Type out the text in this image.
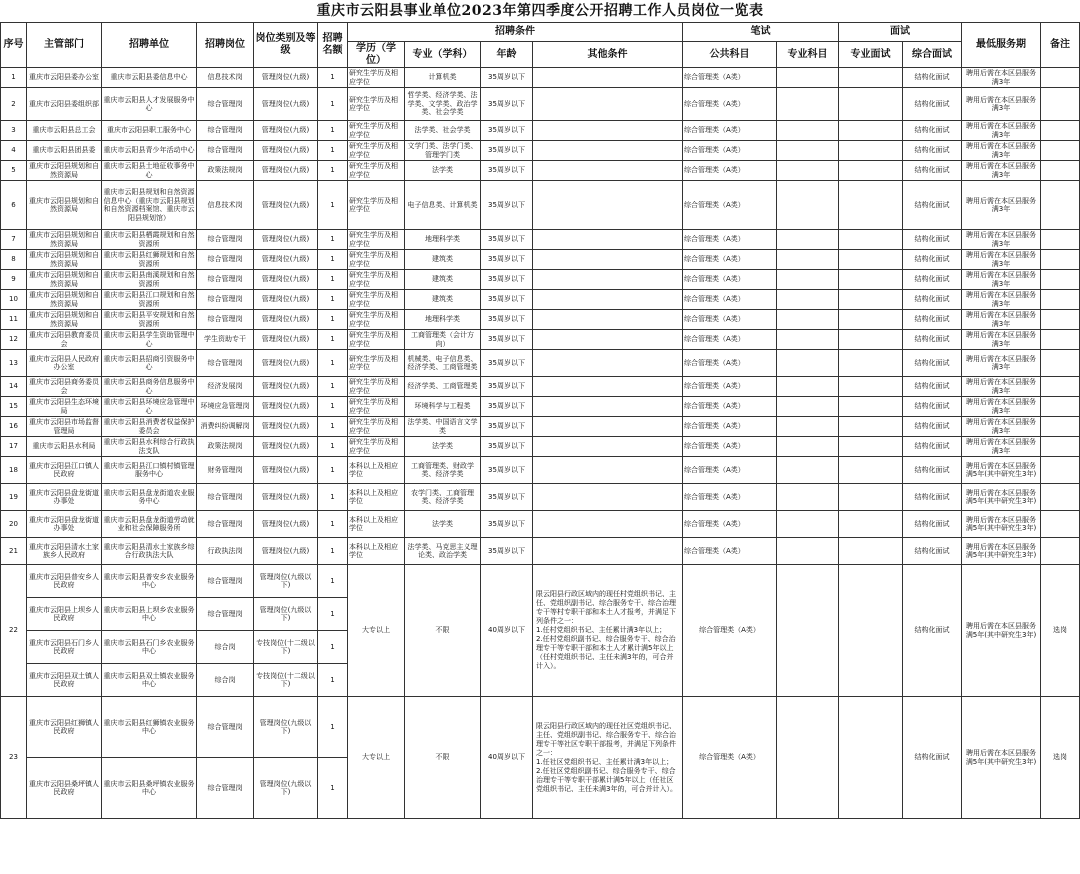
重庆市云阳县事业单位2023年第四季度公开招聘工作人员岗位一览表
序号	主管部门	招聘单位	招聘岗位	岗位类别及等级	招聘名额	招聘条件				笔试		面试		最低服务期	备注
						学历（学位）	专业（学科）	年龄	其他条件	公共科目	专业科目	专业面试	综合面试		
1	重庆市云阳县委办公室	重庆市云阳县委信息中心	信息技术岗	管理岗位(九级)	1	研究生学历及相应学位	计算机类	35周岁以下		综合管理类（A类）			结构化面试	聘用后需在本区县服务满3年	
2	重庆市云阳县委组织部	重庆市云阳县人才发展服务中心	综合管理岗	管理岗位(九级)	1	研究生学历及相应学位	哲学类、经济学类、法学类、文学类、政治学类、社会学类	35周岁以下		综合管理类（A类）			结构化面试	聘用后需在本区县服务满3年	
3	重庆市云阳县总工会	重庆市云阳县职工服务中心	综合管理岗	管理岗位(九级)	1	研究生学历及相应学位	法学类、社会学类	35周岁以下		综合管理类（A类）			结构化面试	聘用后需在本区县服务满3年	
4	重庆市云阳县团县委	重庆市云阳县青少年活动中心	综合管理岗	管理岗位(九级)	1	研究生学历及相应学位	文学门类、法学门类、管理学门类	35周岁以下		综合管理类（A类）			结构化面试	聘用后需在本区县服务满3年	
5	重庆市云阳县规划和自然资源局	重庆市云阳县土地征收事务中心	政策法规岗	管理岗位(九级)	1	研究生学历及相应学位	法学类	35周岁以下		综合管理类（A类）			结构化面试	聘用后需在本区县服务满3年	
6	重庆市云阳县规划和自然资源局	重庆市云阳县规划和自然资源信息中心（重庆市云阳县规划和自然资源档案馆、重庆市云阳县规划馆）	信息技术岗	管理岗位(九级)	1	研究生学历及相应学位	电子信息类、计算机类	35周岁以下		综合管理类（A类）			结构化面试	聘用后需在本区县服务满3年	
7	重庆市云阳县规划和自然资源局	重庆市云阳县栖霞规划和自然资源所	综合管理岗	管理岗位(九级)	1	研究生学历及相应学位	地理科学类	35周岁以下		综合管理类（A类）			结构化面试	聘用后需在本区县服务满3年	
8	重庆市云阳县规划和自然资源局	重庆市云阳县红狮规划和自然资源所	综合管理岗	管理岗位(九级)	1	研究生学历及相应学位	建筑类	35周岁以下		综合管理类（A类）			结构化面试	聘用后需在本区县服务满3年	
9	重庆市云阳县规划和自然资源局	重庆市云阳县南溪规划和自然资源所	综合管理岗	管理岗位(九级)	1	研究生学历及相应学位	建筑类	35周岁以下		综合管理类（A类）			结构化面试	聘用后需在本区县服务满3年	
10	重庆市云阳县规划和自然资源局	重庆市云阳县江口规划和自然资源所	综合管理岗	管理岗位(九级)	1	研究生学历及相应学位	建筑类	35周岁以下		综合管理类（A类）			结构化面试	聘用后需在本区县服务满3年	
11	重庆市云阳县规划和自然资源局	重庆市云阳县平安规划和自然资源所	综合管理岗	管理岗位(九级)	1	研究生学历及相应学位	地理科学类	35周岁以下		综合管理类（A类）			结构化面试	聘用后需在本区县服务满3年	
12	重庆市云阳县教育委员会	重庆市云阳县学生资助管理中心	学生资助专干	管理岗位(九级)	1	研究生学历及相应学位	工商管理类（会计方向）	35周岁以下		综合管理类（A类）			结构化面试	聘用后需在本区县服务满3年	
13	重庆市云阳县人民政府办公室	重庆市云阳县招商引资服务中心	综合管理岗	管理岗位(九级)	1	研究生学历及相应学位	机械类、电子信息类、经济学类、工商管理类	35周岁以下		综合管理类（A类）			结构化面试	聘用后需在本区县服务满3年	
14	重庆市云阳县商务委员会	重庆市云阳县商务信息服务中心	经济发展岗	管理岗位(九级)	1	研究生学历及相应学位	经济学类、工商管理类	35周岁以下		综合管理类（A类）			结构化面试	聘用后需在本区县服务满3年	
15	重庆市云阳县生态环境局	重庆市云阳县环境应急管理中心	环境应急管理岗	管理岗位(九级)	1	研究生学历及相应学位	环境科学与工程类	35周岁以下		综合管理类（A类）			结构化面试	聘用后需在本区县服务满3年	
16	重庆市云阳县市场监督管理局	重庆市云阳县消费者权益保护委员会	消费纠纷调解岗	管理岗位(九级)	1	研究生学历及相应学位	法学类、中国语言文学类	35周岁以下		综合管理类（A类）			结构化面试	聘用后需在本区县服务满3年	
17	重庆市云阳县水利局	重庆市云阳县水利综合行政执法支队	政策法规岗	管理岗位(九级)	1	研究生学历及相应学位	法学类	35周岁以下		综合管理类（A类）			结构化面试	聘用后需在本区县服务满3年	
18	重庆市云阳县江口镇人民政府	重庆市云阳县江口镇村镇管理服务中心	财务管理岗	管理岗位(九级)	1	本科以上及相应学位	工商管理类、财政学类、经济学类	35周岁以下		综合管理类（A类）			结构化面试	聘用后需在本区县服务满5年(其中研究生3年)	
19	重庆市云阳县盘龙街道办事处	重庆市云阳县盘龙街道农业服务中心	综合管理岗	管理岗位(九级)	1	本科以上及相应学位	农学门类、工商管理类、经济学类	35周岁以下		综合管理类（A类）			结构化面试	聘用后需在本区县服务满5年(其中研究生3年)	
20	重庆市云阳县盘龙街道办事处	重庆市云阳县盘龙街道劳动就业和社会保障服务所	综合管理岗	管理岗位(九级)	1	本科以上及相应学位	法学类	35周岁以下		综合管理类（A类）			结构化面试	聘用后需在本区县服务满5年(其中研究生3年)	
21	重庆市云阳县清水土家族乡人民政府	重庆市云阳县清水土家族乡综合行政执法大队	行政执法岗	管理岗位(九级)	1	本科以上及相应学位	法学类、马克思主义理论类、政治学类	35周岁以下		综合管理类（A类）			结构化面试	聘用后需在本区县服务满5年(其中研究生3年)	
22	重庆市云阳县普安乡人民政府	重庆市云阳县普安乡农业服务中心	综合管理岗	管理岗位(九级以下)	1	大专以上	不限	40周岁以下	限云阳县行政区域内的现任村党组织书记、主任、党组织副书记、综合服务专干、综合治理专干等村专职干部和本土人才报考，并满足下列条件之一：
1.任村党组织书记、主任累计满3年以上；
2.任村党组织副书记、综合服务专干、综合治理专干等专职干部和本土人才累计满5年以上（任村党组织书记、主任未满3年的，可合并计入）。	综合管理类（A类）			结构化面试	聘用后需在本区县服务满5年(其中研究生3年)	选岗
	重庆市云阳县上坝乡人民政府	重庆市云阳县上坝乡农业服务中心	综合管理岗	管理岗位(九级以下)	1										
	重庆市云阳县石门乡人民政府	重庆市云阳县石门乡农业服务中心	综合岗	专技岗位(十二级以下)	1										
	重庆市云阳县双土镇人民政府	重庆市云阳县双土镇农业服务中心	综合岗	专技岗位(十二级以下)	1										
23	重庆市云阳县红狮镇人民政府	重庆市云阳县红狮镇农业服务中心	综合管理岗	管理岗位(九级以下)	1	大专以上	不限	40周岁以下	限云阳县行政区域内的现任社区党组织书记、主任、党组织副书记、综合服务专干、综合治理专干等社区专职干部报考，并满足下列条件之一：
1.任社区党组织书记、主任累计满3年以上；
2.任社区党组织副书记、综合服务专干、综合治理专干等专职干部累计满5年以上（任社区党组织书记、主任未满3年的，可合并计入）。	综合管理类（A类）			结构化面试	聘用后需在本区县服务满5年(其中研究生3年)	选岗
	重庆市云阳县桑坪镇人民政府	重庆市云阳县桑坪镇农业服务中心	综合管理岗	管理岗位(九级以下)	1										
